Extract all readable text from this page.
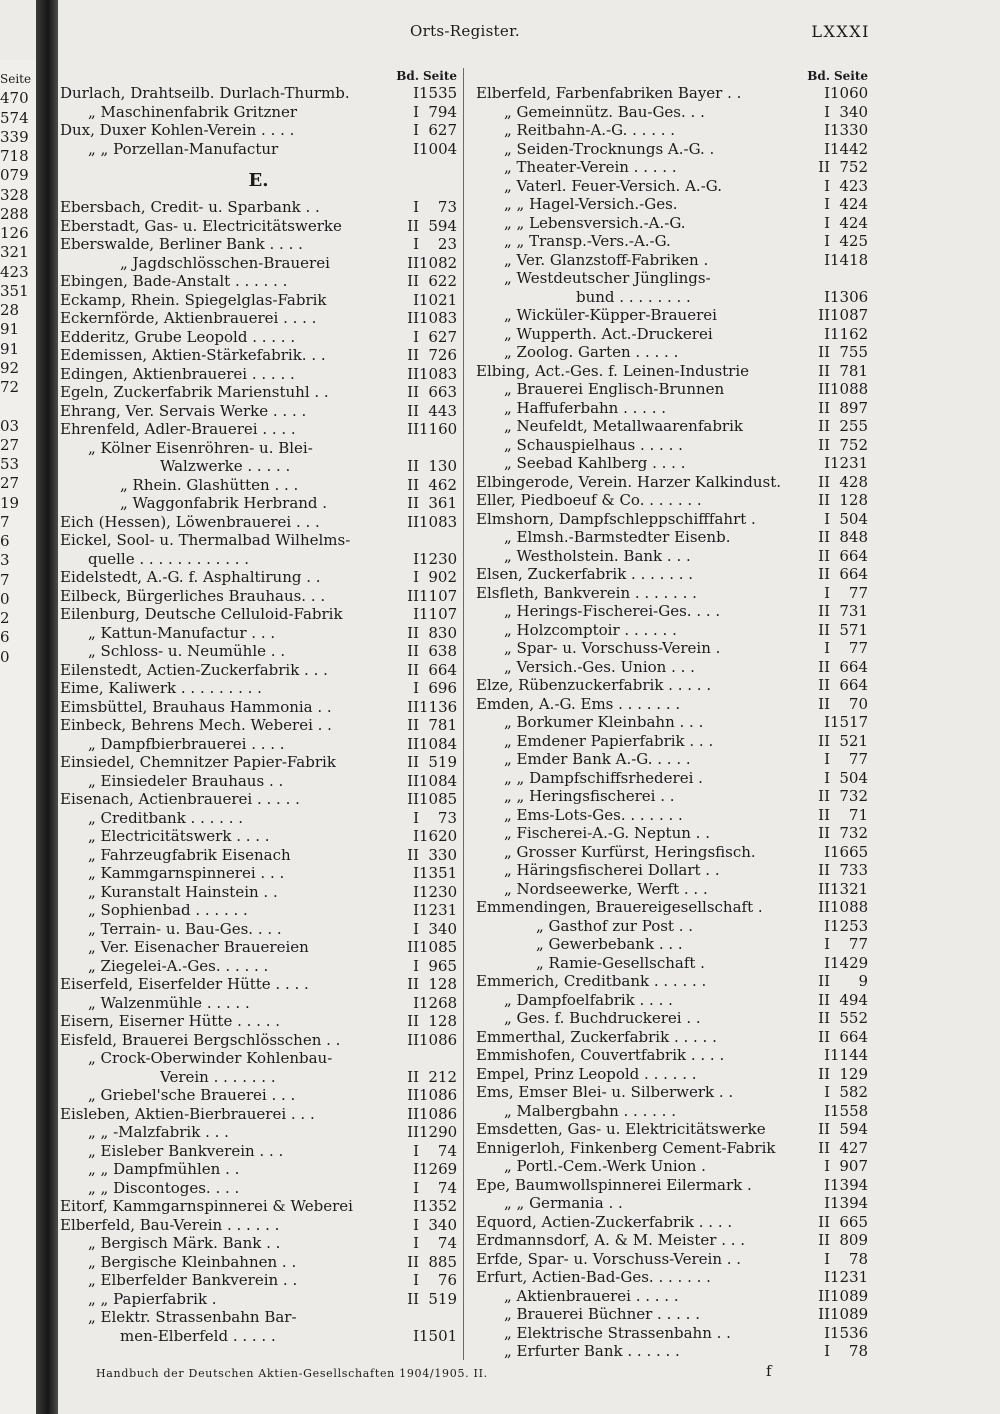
Seite
470
574
339
718
079
328
288
126
321
423
351
28
91
91
92
72
03
27
53
27
19
7
6
3
7
0
2
6
0
Orts-Register.	LXXXI
Bd. Seite
Durlach, Drahtseilb. Durlach-Thurmb.	I 1535
„ Maschinenfabrik Gritzner	I 794
Dux, Duxer Kohlen-Verein . . . .	I 627
„ „ Porzellan-Manufactur	I 1004
E.
Ebersbach, Credit- u. Sparbank . .	I	73
Eberstadt, Gas- u. Electricitätswerke	II 594
Eberswalde, Berliner Bank . . . .	I	23
„ Jagdschlösschen-Brauerei	II 1082
Ebingen, Bade-Anstalt . . . . . .	II 622
Eckamp, Rhein. Spiegelglas-Fabrik	I 1021
Eckernförde, Aktienbrauerei . . . .	II 1083
Edderitz, Grube Leopold . . . . .	I 627
Edemissen, Aktien-Stärkefabrik. . .	II 726
Edingen, Aktienbrauerei . . . . .	II 1083
Egeln, Zuckerfabrik Marienstuhl . .	II 663
Ehrang, Ver. Servais Werke . . . .	II 443
Ehrenfeld, Adler-Brauerei . . . .	II 1160
„ Kölner Eisenröhren- u. Blei-
Walzwerke . . . . .	II 130
„ Rhein. Glashütten . . .	II 462
„ Waggonfabrik Herbrand .	II 361
Eich (Hessen), Löwenbrauerei . . .	II 1083
Eickel, Sool- u. Thermalbad Wilhelms-
quelle . . . . . . . . . . . .	I 1230
Eidelstedt, A.-G. f. Asphaltirung . .	I 902
Eilbeck, Bürgerliches Brauhaus. . .	II 1107
Eilenburg, Deutsche Celluloid-Fabrik	I 1107
„ Kattun-Manufactur . . .	II 830
„ Schloss- u. Neumühle . .	II 638
Eilenstedt, Actien-Zuckerfabrik . . .	II 664
Eime, Kaliwerk . . . . . . . . .	I 696
Eimsbüttel, Brauhaus Hammonia . .	II 1136
Einbeck, Behrens Mech. Weberei . .	II 781
„ Dampfbierbrauerei . . . .	II 1084
Einsiedel, Chemnitzer Papier-Fabrik	II 519
„ Einsiedeler Brauhaus . .	II 1084
Eisenach, Actienbrauerei . . . . .	II 1085
„ Creditbank . . . . . .	I	73
„ Electricitätswerk . . . .	I 1620
„ Fahrzeugfabrik Eisenach	II 330
„ Kammgarnspinnerei . . .	I 1351
„ Kuranstalt Hainstein . .	I 1230
„ Sophienbad . . . . . .	I 1231
„ Terrain- u. Bau-Ges. . . .	I 340
„ Ver. Eisenacher Brauereien	II 1085
„ Ziegelei-A.-Ges. . . . . .	I 965
Eiserfeld, Eiserfelder Hütte . . . .	II 128
„ Walzenmühle . . . . .	I 1268
Eisern, Eiserner Hütte . . . . .	II 128
Eisfeld, Brauerei Bergschlösschen . .	II 1086
„ Crock-Oberwinder Kohlenbau-
Verein . . . . . . .	II 212
„ Griebel'sche Brauerei . . .	II 1086
Eisleben, Aktien-Bierbrauerei . . .	II 1086
„ „ -Malzfabrik . . .	II 1290
„ Eisleber Bankverein . . .	I	74
„ „ Dampfmühlen . .	I 1269
„ „ Discontoges. . . .	I	74
Eitorf, Kammgarnspinnerei & Weberei	I 1352
Elberfeld, Bau-Verein . . . . . .	I 340
„ Bergisch Märk. Bank . .	I	74
„ Bergische Kleinbahnen . .	II 885
„ Elberfelder Bankverein . .	I	76
„ „ Papierfabrik .	II 519
„ Elektr. Strassenbahn Bar-
men-Elberfeld . . . . .	I 1501
Bd. Seite
Elberfeld, Farbenfabriken Bayer . .	I 1060
„ Gemeinnütz. Bau-Ges. . .	I 340
„ Reitbahn-A.-G. . . . . .	I 1330
„ Seiden-Trocknungs A.-G. .	I 1442
„ Theater-Verein . . . . .	II 752
„ Vaterl. Feuer-Versich. A.-G.	I 423
„ „ Hagel-Versich.-Ges.	I 424
„ „ Lebensversich.-A.-G.	I 424
„ „ Transp.-Vers.-A.-G.	I 425
„ Ver. Glanzstoff-Fabriken .	I 1418
„ Westdeutscher Jünglings-
bund . . . . . . . .	I 1306
„ Wicküler-Küpper-Brauerei	II 1087
„ Wupperth. Act.-Druckerei	I 1162
„ Zoolog. Garten . . . . .	II 755
Elbing, Act.-Ges. f. Leinen-Industrie	II 781
„ Brauerei Englisch-Brunnen	II 1088
„ Haffuferbahn . . . . .	II 897
„ Neufeldt, Metallwaarenfabrik	II 255
„ Schauspielhaus . . . . .	II 752
„ Seebad Kahlberg . . . .	I 1231
Elbingerode, Verein. Harzer Kalkindust.	II 428
Eller, Piedboeuf & Co. . . . . . .	II 128
Elmshorn, Dampfschleppschifffahrt .	I 504
„ Elmsh.-Barmstedter Eisenb.	II 848
„ Westholstein. Bank . . .	II 664
Elsen, Zuckerfabrik . . . . . . .	II 664
Elsfleth, Bankverein . . . . . . .	I	77
„ Herings-Fischerei-Ges. . . .	II 731
„ Holzcomptoir . . . . . .	II 571
„ Spar- u. Vorschuss-Verein .	I	77
„ Versich.-Ges. Union . . .	II 664
Elze, Rübenzuckerfabrik . . . . .	II 664
Emden, A.-G. Ems . . . . . . .	II	70
„ Borkumer Kleinbahn . . .	I 1517
„ Emdener Papierfabrik . . .	II 521
„ Emder Bank A.-G. . . . .	I	77
„ „ Dampfschiffsrhederei .	I 504
„ „ Heringsfischerei . .	II 732
„ Ems-Lots-Ges. . . . . . .	II	71
„ Fischerei-A.-G. Neptun . .	II 732
„ Grosser Kurfürst, Heringsfisch.	I 1665
„ Häringsfischerei Dollart . .	II 733
„ Nordseewerke, Werft . . .	II 1321
Emmendingen, Brauereigesellschaft .	II 1088
„ Gasthof zur Post . .	I 1253
„ Gewerbebank . . .	I	77
„ Ramie-Gesellschaft .	I 1429
Emmerich, Creditbank . . . . . .	II	9
„ Dampfoelfabrik . . . .	II 494
„ Ges. f. Buchdruckerei . .	II 552
Emmerthal, Zuckerfabrik . . . . .	II 664
Emmishofen, Couvertfabrik . . . .	I 1144
Empel, Prinz Leopold . . . . . .	II 129
Ems, Emser Blei- u. Silberwerk . .	I 582
„ Malbergbahn . . . . . .	I 1558
Emsdetten, Gas- u. Elektricitätswerke	II 594
Ennigerloh, Finkenberg Cement-Fabrik	II 427
„ Portl.-Cem.-Werk Union .	I 907
Epe, Baumwollspinnerei Eilermark .	I 1394
„ „ Germania . .	I 1394
Equord, Actien-Zuckerfabrik . . . .	II 665
Erdmannsdorf, A. & M. Meister . . .	II 809
Erfde, Spar- u. Vorschuss-Verein . .	I	78
Erfurt, Actien-Bad-Ges. . . . . . .	I 1231
„ Aktienbrauerei . . . . .	II 1089
„ Brauerei Büchner . . . . .	II 1089
„ Elektrische Strassenbahn . .	I 1536
„ Erfurter Bank . . . . . .	I	78
Handbuch der Deutschen Aktien-Gesellschaften 1904/1905. II.	f
